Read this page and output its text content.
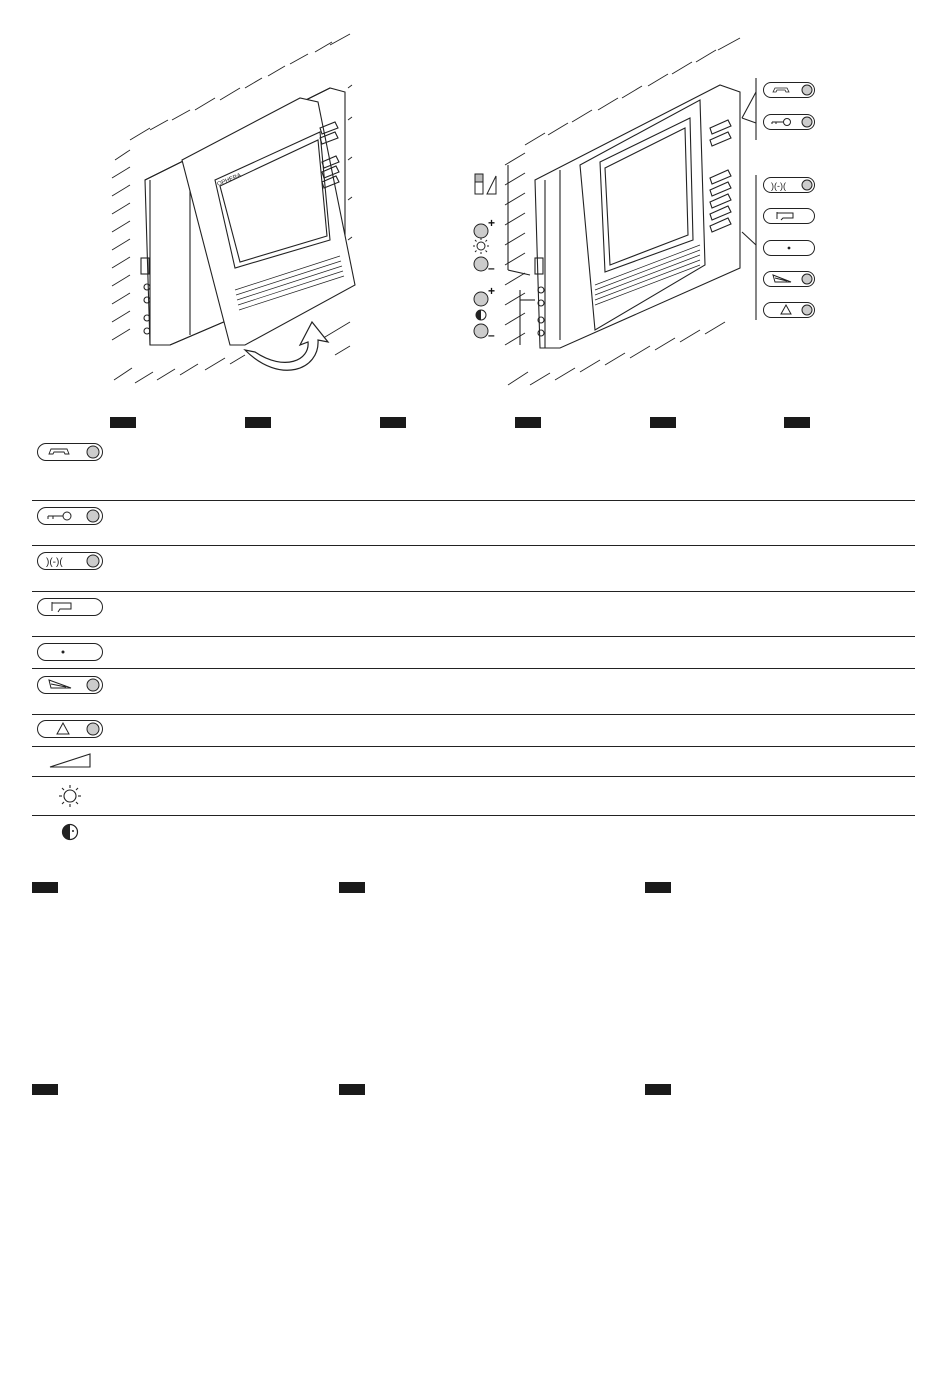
OPHERA
+
–
+
–
)(-)(
)(-)(
